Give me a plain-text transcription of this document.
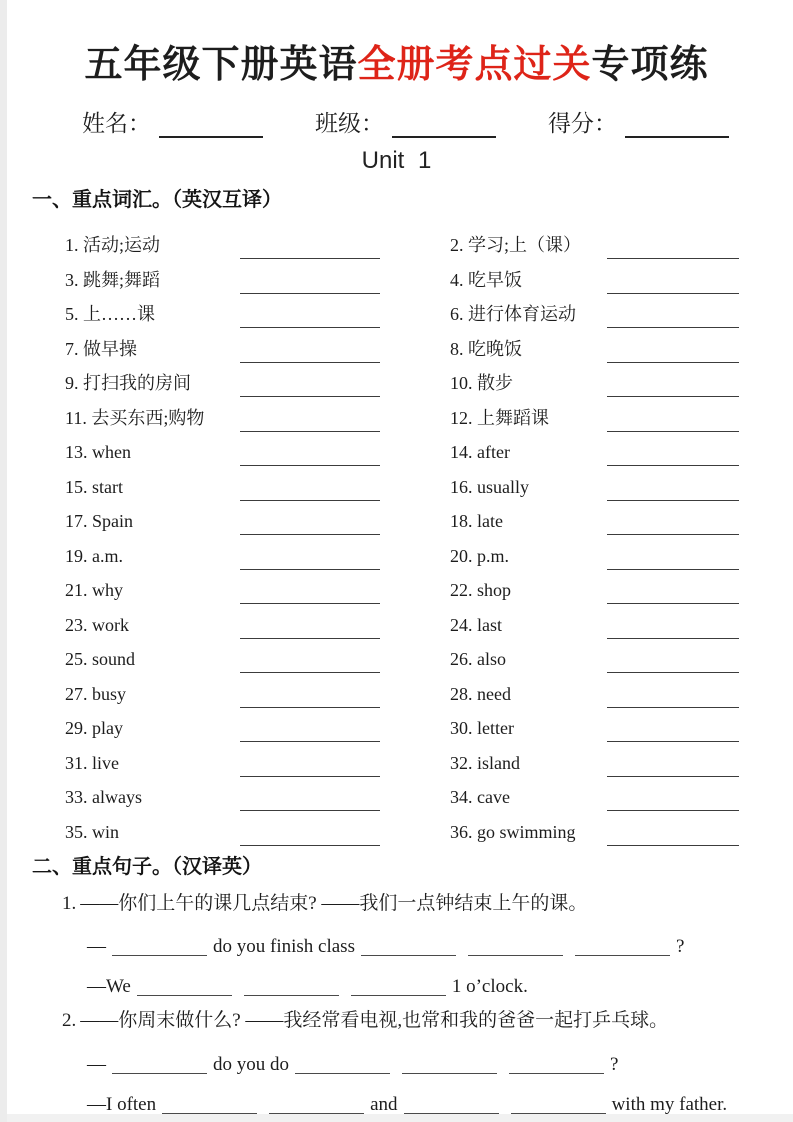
五年级下册英语全册考点过关专项练
姓名：	班级：	得分：
Unit 1
一、重点词汇。（英汉互译）
1. 活动;运动	2. 学习;上（课）
3. 跳舞;舞蹈	4. 吃早饭
5. 上……课	6. 进行体育运动
7. 做早操	8. 吃晚饭
9. 打扫我的房间	10. 散步
11. 去买东西;购物	12. 上舞蹈课
13. when	14. after
15. start	16. usually
17. Spain	18. late
19. a.m.	20. p.m.
21. why	22. shop
23. work	24. last
25. sound	26. also
27. busy	28. need
29. play	30. letter
31. live	32. island
33. always	34. cave
35. win	36. go swimming
二、重点句子。（汉译英）
1. ——你们上午的课几点结束? ——我们一点钟结束上午的课。
—	do you finish class	?
—We	1 o’clock.
2. ——你周末做什么? ——我经常看电视,也常和我的爸爸一起打乒乓球。
—	do you do	?
—I often	and	with my father.
